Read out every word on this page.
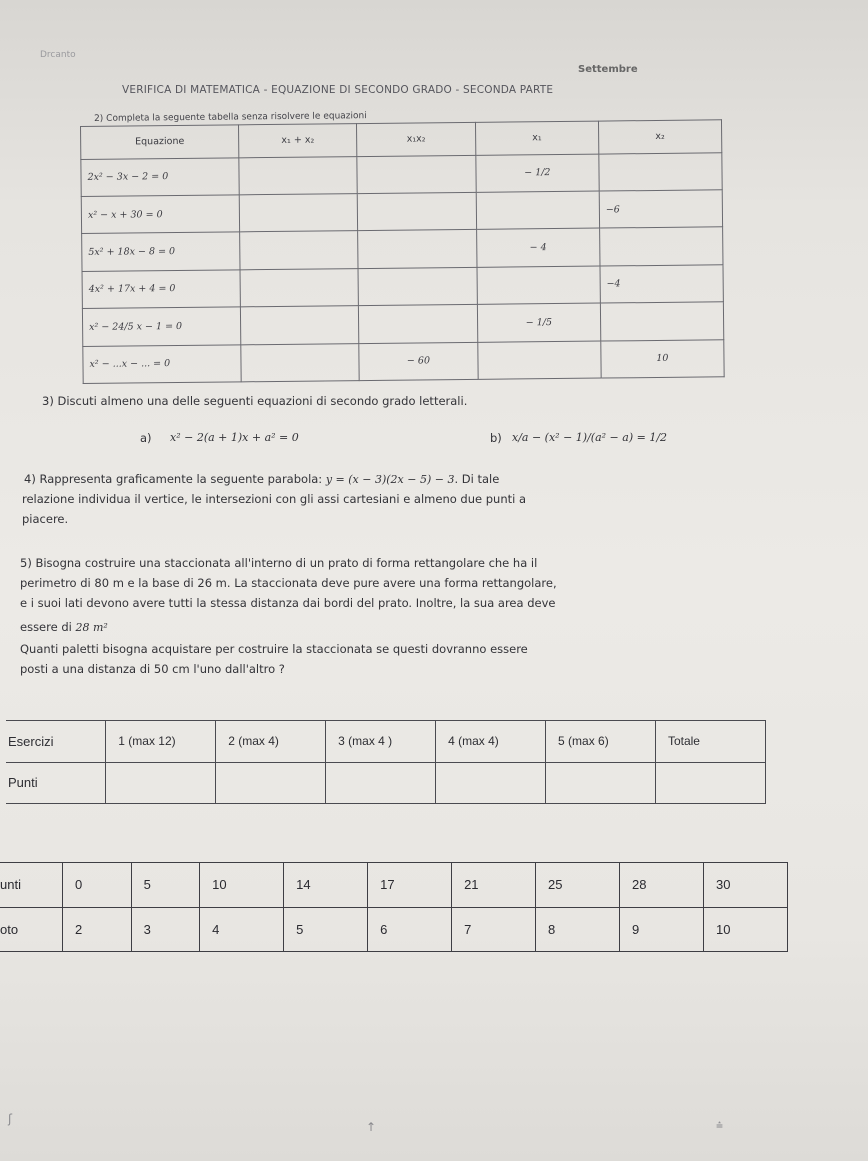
Drcanto
Settembre
VERIFICA DI MATEMATICA - EQUAZIONE DI SECONDO GRADO - SECONDA PARTE
2) Completa la seguente tabella senza risolvere le equazioni
Equazione	x₁ + x₂	x₁x₂	x₁	x₂
2x² − 3x − 2 = 0			− 1/2	
x² − x + 30 = 0				−6
5x² + 18x − 8 = 0			− 4	
4x² + 17x + 4 = 0				−4
x² − 24/5 x − 1 = 0			− 1/5	
x² − ...x − ... = 0		− 60		10
3) Discuti almeno una delle seguenti equazioni di secondo grado letterali.
a) x² − 2(a + 1)x + a² = 0	b) x/a − (x² − 1)/(a² − a) = 1/2
4) Rappresenta graficamente la seguente parabola: y = (x − 3)(2x − 5) − 3. Di tale
relazione individua il vertice, le intersezioni con gli assi cartesiani e almeno due punti a
piacere.
5) Bisogna costruire una staccionata all'interno di un prato di forma rettangolare che ha il
perimetro di 80 m e la base di 26 m. La staccionata deve pure avere una forma rettangolare,
e i suoi lati devono avere tutti la stessa distanza dai bordi del prato. Inoltre, la sua area deve
essere di 28 m²
Quanti paletti bisogna acquistare per costruire la staccionata se questi dovranno essere
posti a una distanza di 50 cm l'uno dall'altro ?
Esercizi	1 (max 12)	2 (max 4)	3 (max 4 )	4 (max 4)	5 (max 6)	Totale
Punti						
unti	0	5	10	14	17	21	25	28	30
oto	2	3	4	5	6	7	8	9	10
ʃ
↑	⩮
